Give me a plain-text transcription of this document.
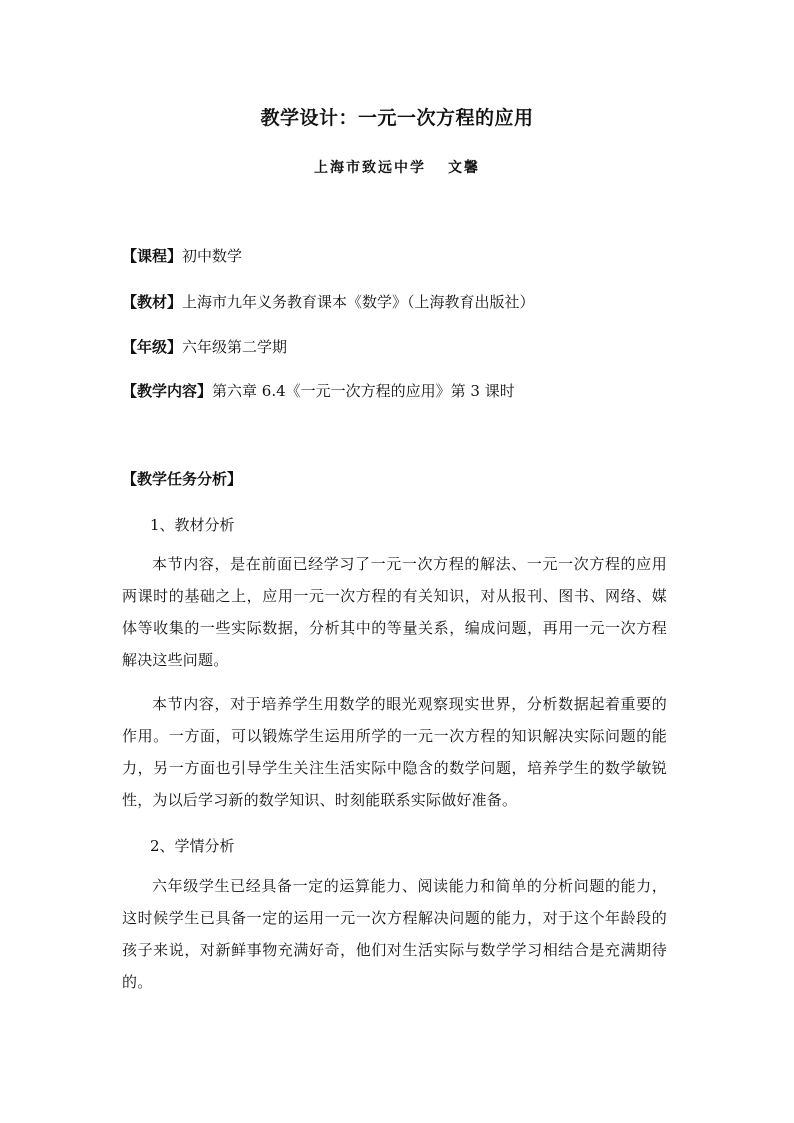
教学设计：一元一次方程的应用
上海市致远中学 文馨
【课程】初中数学
【教材】上海市九年义务教育课本《数学》（上海教育出版社）
【年级】六年级第二学期
【教学内容】第六章 6.4《一元一次方程的应用》第 3 课时
【教学任务分析】
1、教材分析

本节内容，是在前面已经学习了一元一次方程的解法、一元一次方程的应用两课时的基础之上，应用一元一次方程的有关知识，对从报刊、图书、网络、媒体等收集的一些实际数据，分析其中的等量关系，编成问题，再用一元一次方程解决这些问题。

本节内容，对于培养学生用数学的眼光观察现实世界，分析数据起着重要的作用。一方面，可以锻炼学生运用所学的一元一次方程的知识解决实际问题的能力，另一方面也引导学生关注生活实际中隐含的数学问题，培养学生的数学敏锐性，为以后学习新的数学知识、时刻能联系实际做好准备。

2、学情分析

六年级学生已经具备一定的运算能力、阅读能力和简单的分析问题的能力，这时候学生已具备一定的运用一元一次方程解决问题的能力，对于这个年龄段的孩子来说，对新鲜事物充满好奇，他们对生活实际与数学学习相结合是充满期待的。
